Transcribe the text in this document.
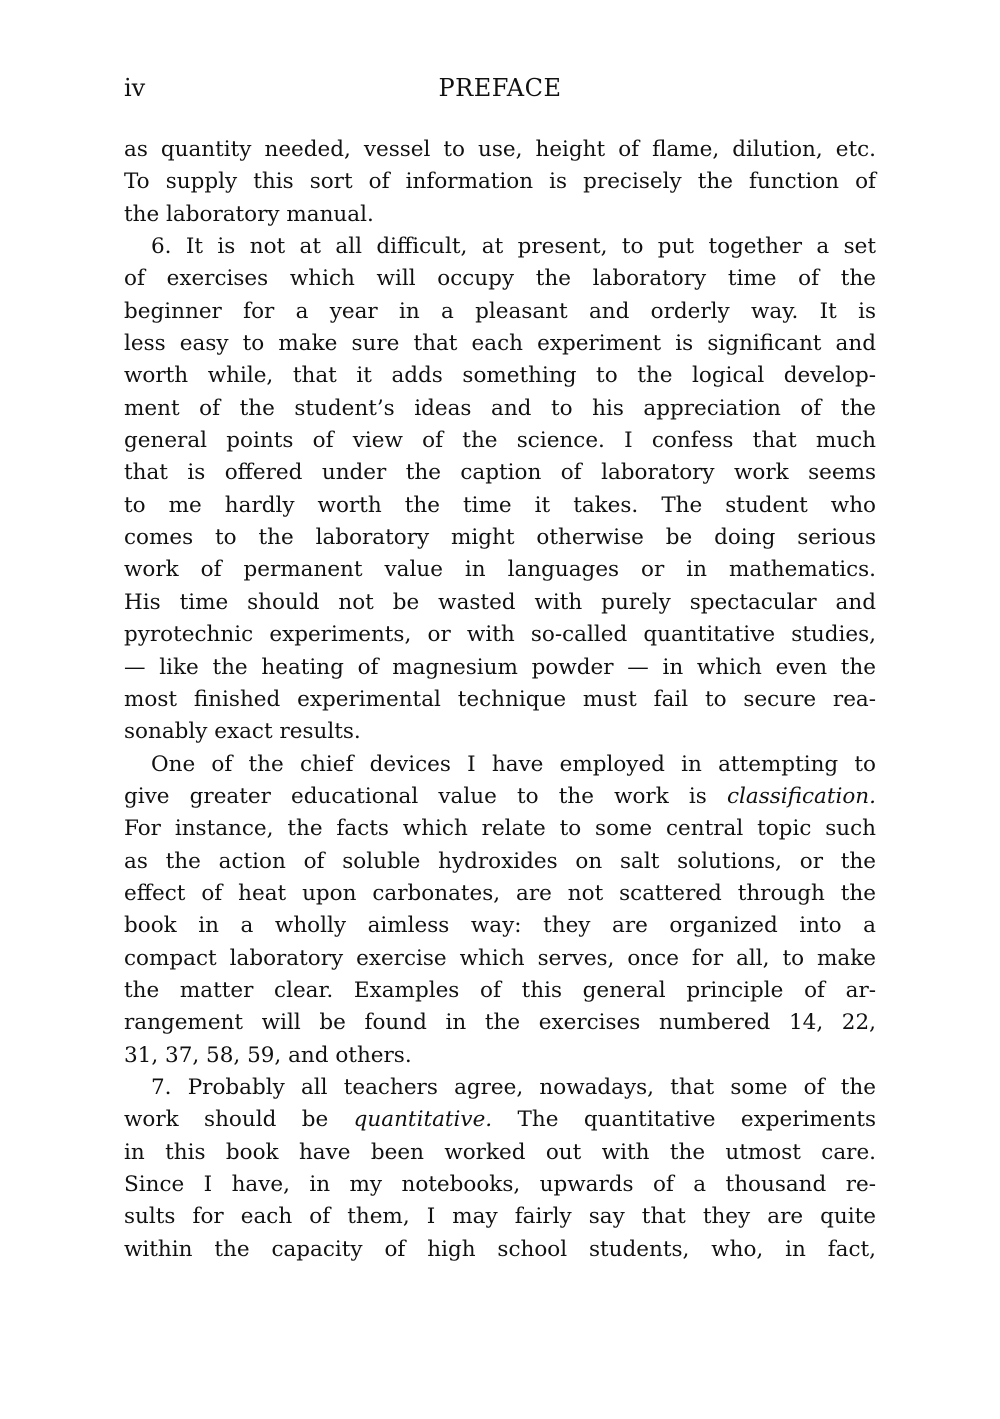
iv	PREFACE
as quantity needed, vessel to use, height of flame, dilution, etc.
To supply this sort of information is precisely the function of
the laboratory manual.
6. It is not at all difficult, at present, to put together a set
of exercises which will occupy the laboratory time of the
beginner for a year in a pleasant and orderly way. It is
less easy to make sure that each experiment is significant and
worth while, that it adds something to the logical develop-
ment of the student’s ideas and to his appreciation of the
general points of view of the science. I confess that much
that is offered under the caption of laboratory work seems
to me hardly worth the time it takes. The student who
comes to the laboratory might otherwise be doing serious
work of permanent value in languages or in mathematics.
His time should not be wasted with purely spectacular and
pyrotechnic experiments, or with so-called quantitative studies,
— like the heating of magnesium powder — in which even the
most finished experimental technique must fail to secure rea-
sonably exact results.
One of the chief devices I have employed in attempting to
give greater educational value to the work is classification.
For instance, the facts which relate to some central topic such
as the action of soluble hydroxides on salt solutions, or the
effect of heat upon carbonates, are not scattered through the
book in a wholly aimless way: they are organized into a
compact laboratory exercise which serves, once for all, to make
the matter clear. Examples of this general principle of ar-
rangement will be found in the exercises numbered 14, 22,
31, 37, 58, 59, and others.
7. Probably all teachers agree, nowadays, that some of the
work should be quantitative. The quantitative experiments
in this book have been worked out with the utmost care.
Since I have, in my notebooks, upwards of a thousand re-
sults for each of them, I may fairly say that they are quite
within the capacity of high school students, who, in fact,
